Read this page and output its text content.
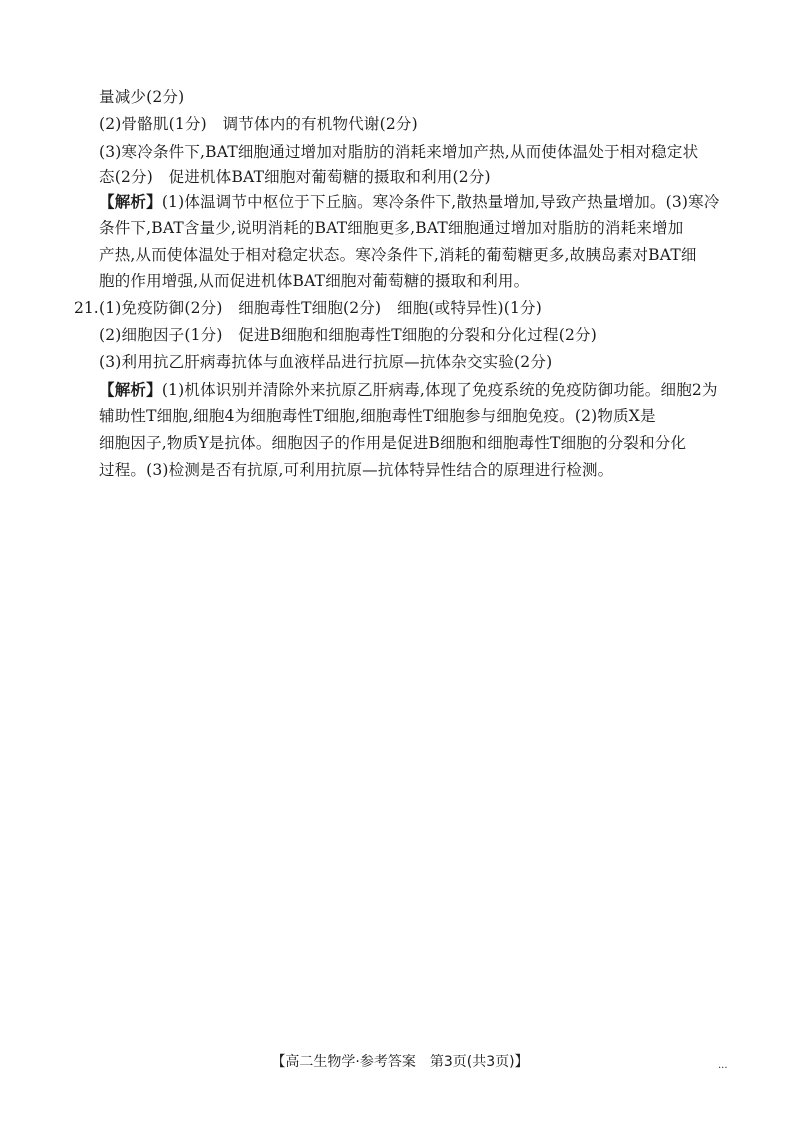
量减少(2分)
(2)骨骼肌(1分)　调节体内的有机物代谢(2分)
(3)寒冷条件下,BAT细胞通过增加对脂肪的消耗来增加产热,从而使体温处于相对稳定状
态(2分)　促进机体BAT细胞对葡萄糖的摄取和利用(2分)
【解析】(1)体温调节中枢位于下丘脑。寒冷条件下,散热量增加,导致产热量增加。(3)寒冷
条件下,BAT含量少,说明消耗的BAT细胞更多,BAT细胞通过增加对脂肪的消耗来增加
产热,从而使体温处于相对稳定状态。寒冷条件下,消耗的葡萄糖更多,故胰岛素对BAT细
胞的作用增强,从而促进机体BAT细胞对葡萄糖的摄取和利用。
21. (1)免疫防御(2分)　细胞毒性T细胞(2分)　细胞(或特异性)(1分)
(2)细胞因子(1分)　促进B细胞和细胞毒性T细胞的分裂和分化过程(2分)
(3)利用抗乙肝病毒抗体与血液样品进行抗原—抗体杂交实验(2分)
【解析】(1)机体识别并清除外来抗原乙肝病毒,体现了免疫系统的免疫防御功能。细胞2为
辅助性T细胞,细胞4为细胞毒性T细胞,细胞毒性T细胞参与细胞免疫。(2)物质X是
细胞因子,物质Y是抗体。细胞因子的作用是促进B细胞和细胞毒性T细胞的分裂和分化
过程。(3)检测是否有抗原,可利用抗原—抗体特异性结合的原理进行检测。
【高二生物学·参考答案　第3页(共3页)】	...
